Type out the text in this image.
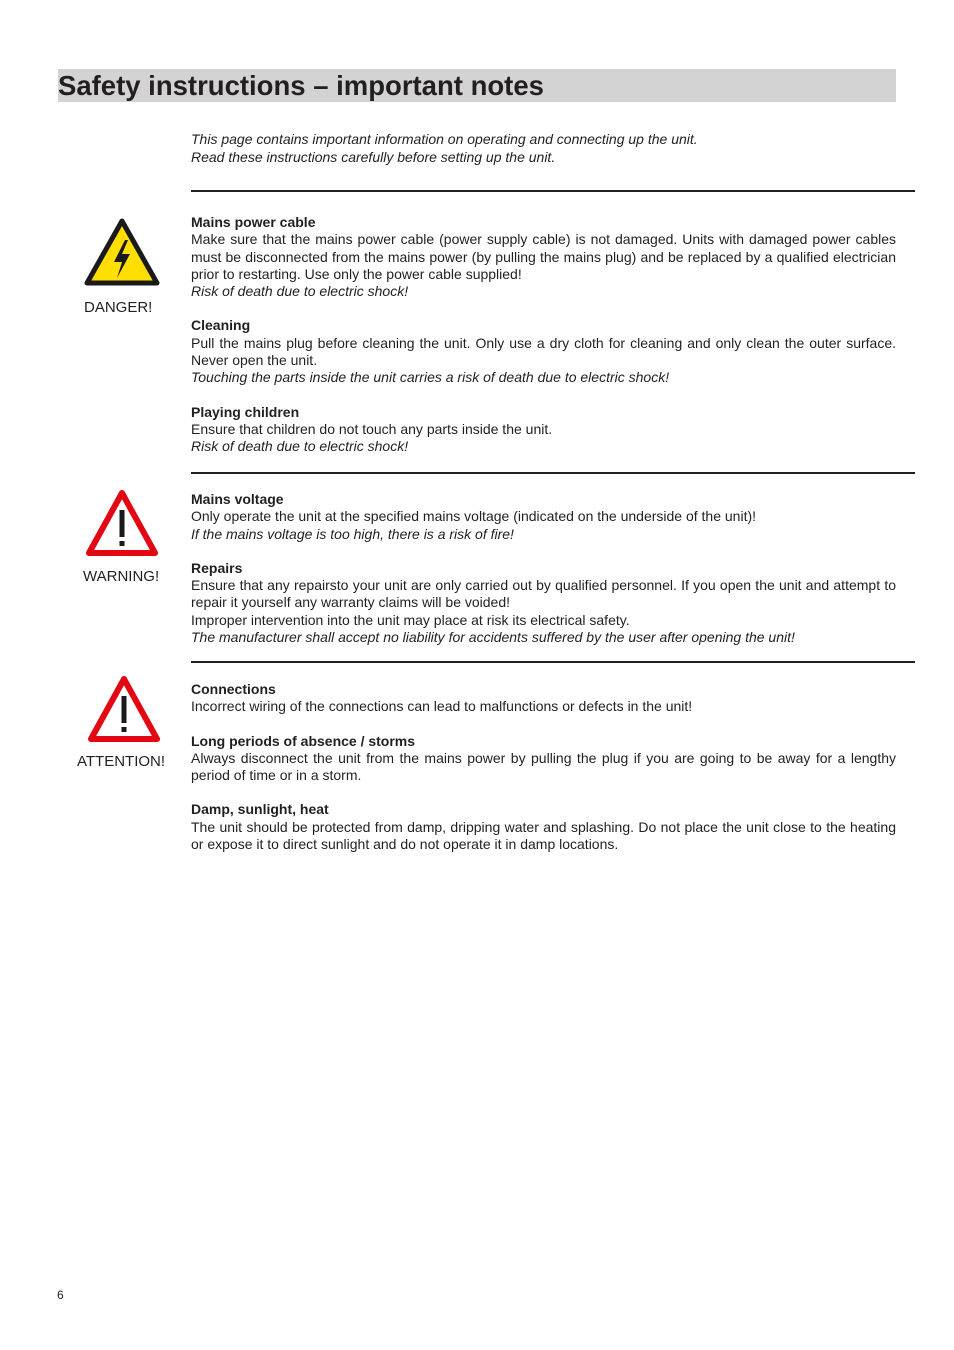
Safety instructions – important notes

This page contains important information on operating and connecting up the unit.

Read these instructions carefully before setting up the unit.

DANGER!
Mains power cable
Make sure that the mains power cable (power supply cable) is not damaged. Units with damaged power cables must be disconnected from the mains power (by pulling the mains plug) and be replaced by a qualified electrician prior to restarting. Use only the power cable supplied!
Risk of death due to electric shock!
Cleaning
Pull the mains plug before cleaning the unit. Only use a dry cloth for cleaning and only clean the outer surface. Never open the unit.
Touching the parts inside the unit carries a risk of death due to electric shock!
Playing children
Ensure that children do not touch any parts inside the unit.
Risk of death due to electric shock!
WARNING!
Mains voltage
Only operate the unit at the specified mains voltage (indicated on the underside of the unit)!
If the mains voltage is too high, there is a risk of fire!
Repairs
Ensure that any repairsto your unit are only carried out by qualified personnel. If you open the unit and attempt to repair it yourself any warranty claims will be voided!
Improper intervention into the unit may place at risk its electrical safety.
The manufacturer shall accept no liability for accidents suffered by the user after opening the unit!
ATTENTION!
Connections
Incorrect wiring of the connections can lead to malfunctions or defects in the unit!
Long periods of absence / storms
Always disconnect the unit from the mains power by pulling the plug if you are going to be away for a lengthy period of time or in a storm.
Damp, sunlight, heat
The unit should be protected from damp, dripping water and splashing. Do not place the unit close to the heating or expose it to direct sunlight and do not operate it in damp locations.
6
